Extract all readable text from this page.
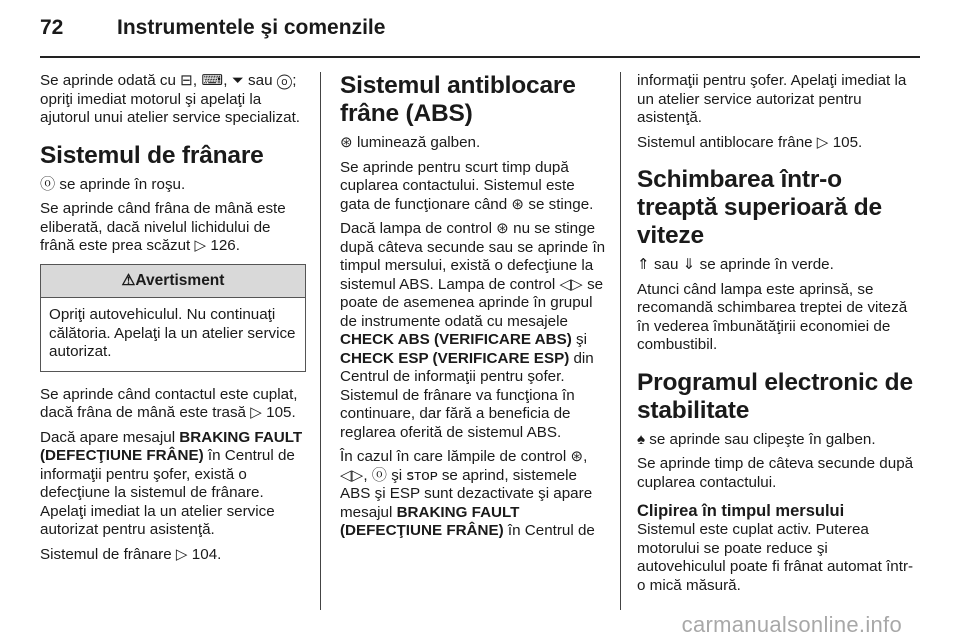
72	Instrumentele şi comenzile

Se aprinde odată cu ⊟, ⌨, ⏷ sau ⓞ; opriţi imediat motorul şi apelaţi la ajutorul unui atelier service specializat.

Sistemul de frânare

ⓞ se aprinde în roşu.

Se aprinde când frâna de mână este eliberată, dacă nivelul lichidului de frână este prea scăzut ▷ 126.

⚠Avertisment
Opriţi autovehiculul. Nu continuaţi călătoria. Apelaţi la un atelier service autorizat.

Se aprinde când contactul este cuplat, dacă frâna de mână este trasă ▷ 105.

Dacă apare mesajul BRAKING FAULT (DEFECŢIUNE FRÂNE) în Centrul de informaţii pentru şofer, există o defecţiune la sistemul de frânare. Apelaţi imediat la un atelier service autorizat pentru asistenţă.

Sistemul de frânare ▷ 104.

Sistemul antiblocare frâne (ABS)

⊛ luminează galben.

Se aprinde pentru scurt timp după cuplarea contactului. Sistemul este gata de funcţionare când ⊛ se stinge.

Dacă lampa de control ⊛ nu se stinge după câteva secunde sau se aprinde în timpul mersului, există o defecţiune la sistemul ABS. Lampa de control ◁▷ se poate de asemenea aprinde în grupul de instrumente odată cu mesajele CHECK ABS (VERIFICARE ABS) şi CHECK ESP (VERIFICARE ESP) din Centrul de informaţii pentru şofer. Sistemul de frânare va funcţiona în continuare, dar fără a beneficia de reglarea oferită de sistemul ABS.

În cazul în care lămpile de control ⊛, ◁▷, ⓞ şi ꜱᴛᴏᴘ se aprind, sistemele ABS şi ESP sunt dezactivate şi apare mesajul BRAKING FAULT (DEFECŢIUNE FRÂNE) în Centrul de

informaţii pentru şofer. Apelaţi imediat la un atelier service autorizat pentru asistenţă.

Sistemul antiblocare frâne ▷ 105.

Schimbarea într-o treaptă superioară de viteze

⇑ sau ⇓ se aprinde în verde.

Atunci când lampa este aprinsă, se recomandă schimbarea treptei de viteză în vederea îmbunătăţirii economiei de combustibil.

Programul electronic de stabilitate

♠ se aprinde sau clipeşte în galben.

Se aprinde timp de câteva secunde după cuplarea contactului.

Clipirea în timpul mersului

Sistemul este cuplat activ. Puterea motorului se poate reduce şi autovehiculul poate fi frânat automat într-o mică măsură.

carmanualsonline.info
